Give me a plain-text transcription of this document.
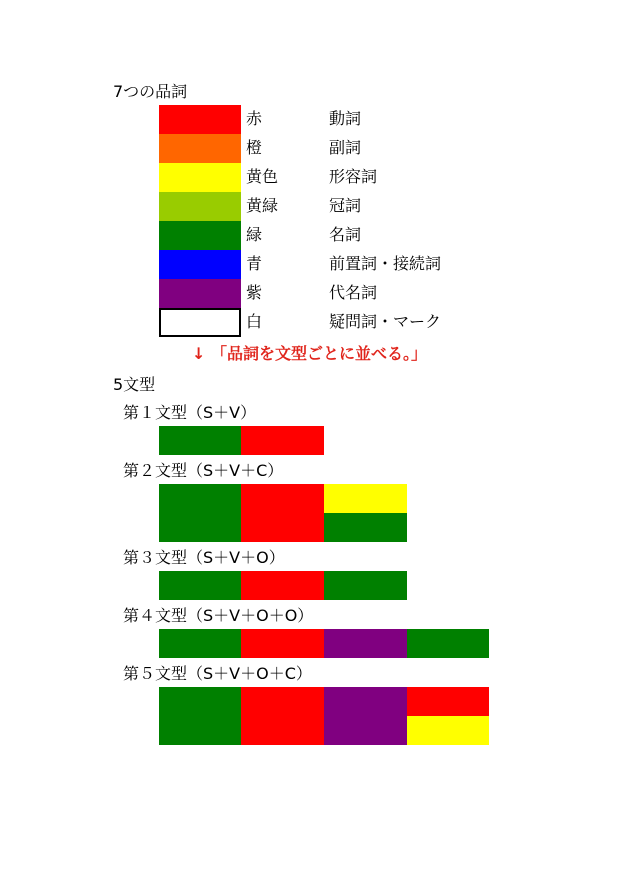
7つの品詞
赤	動詞
橙	副詞
黄色	形容詞
黄緑	冠詞
緑	名詞
青	前置詞・接続詞
紫	代名詞
白	疑問詞・マーク
↓ 「品詞を文型ごとに並べる。」
5文型
第１文型（S＋V）
第２文型（S＋V＋C）
第３文型（S＋V＋O）
第４文型（S＋V＋O＋O）
第５文型（S＋V＋O＋C）
